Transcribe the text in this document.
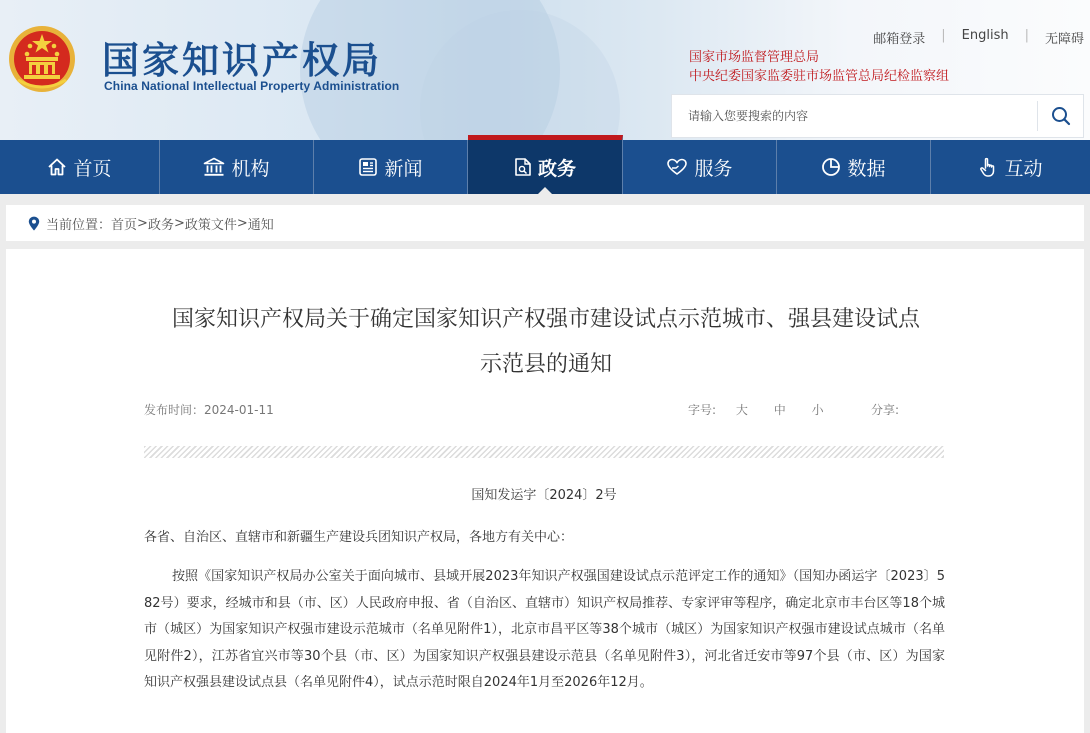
国家知识产权局
China National Intellectual Property Administration
邮箱登录	|	English	|	无障碍
国家市场监督管理总局
中央纪委国家监委驻市场监管总局纪检监察组
请输入您要搜索的内容
首页	机构	新闻	政务	服务	数据	互动
当前位置： 首页 > 政务 > 政策文件 > 通知
国家知识产权局关于确定国家知识产权强市建设试点示范城市、强县建设试点
示范县的通知
发布时间：2024-01-11	字号: 大 中 小	分享:
国知发运字〔2024〕2号
各省、自治区、直辖市和新疆生产建设兵团知识产权局，各地方有关中心：
按照《国家知识产权局办公室关于面向城市、县域开展2023年知识产权强国建设试点示范评定工作的通知》（国知办函运字〔2023〕582号）要求，经城市和县（市、区）人民政府申报、省（自治区、直辖市）知识产权局推荐、专家评审等程序，确定北京市丰台区等18个城市（城区）为国家知识产权强市建设示范城市（名单见附件1），北京市昌平区等38个城市（城区）为国家知识产权强市建设试点城市（名单见附件2），江苏省宜兴市等30个县（市、区）为国家知识产权强县建设示范县（名单见附件3），河北省迁安市等97个县（市、区）为国家知识产权强县建设试点县（名单见附件4），试点示范时限自2024年1月至2026年12月。
